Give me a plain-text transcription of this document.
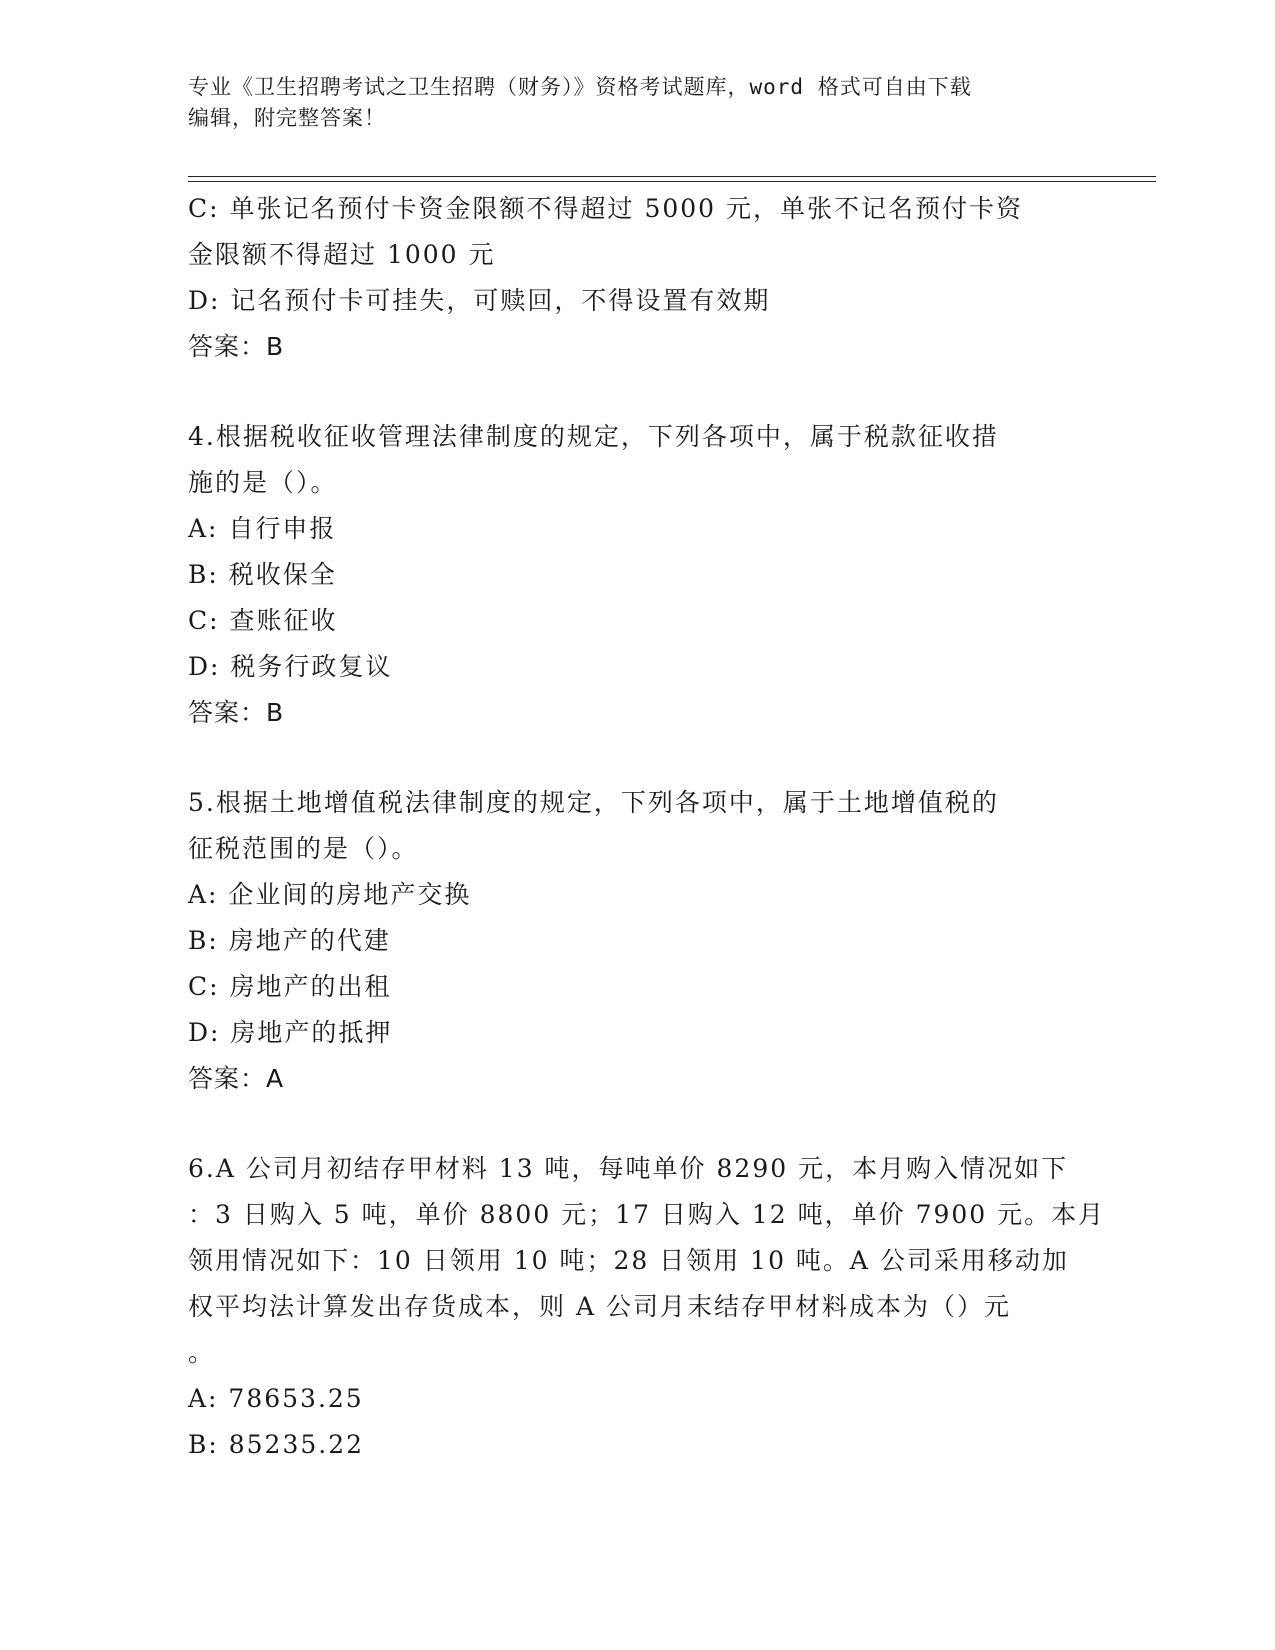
专业《卫生招聘考试之卫生招聘（财务）》资格考试题库，word 格式可自由下载
编辑，附完整答案！
C: 单张记名预付卡资金限额不得超过 5000 元，单张不记名预付卡资
金限额不得超过 1000 元
D: 记名预付卡可挂失，可赎回，不得设置有效期
答案：B
4.根据税收征收管理法律制度的规定，下列各项中，属于税款征收措
施的是（）。
A: 自行申报
B: 税收保全
C: 查账征收
D: 税务行政复议
答案：B
5.根据土地增值税法律制度的规定，下列各项中，属于土地增值税的
征税范围的是（）。
A: 企业间的房地产交换
B: 房地产的代建
C: 房地产的出租
D: 房地产的抵押
答案：A
6.A 公司月初结存甲材料 13 吨，每吨单价 8290 元，本月购入情况如下
：3 日购入 5 吨，单价 8800 元；17 日购入 12 吨，单价 7900 元。本月
领用情况如下：10 日领用 10 吨；28 日领用 10 吨。A 公司采用移动加
权平均法计算发出存货成本，则 A 公司月末结存甲材料成本为（）元
。
A: 78653.25
B: 85235.22
